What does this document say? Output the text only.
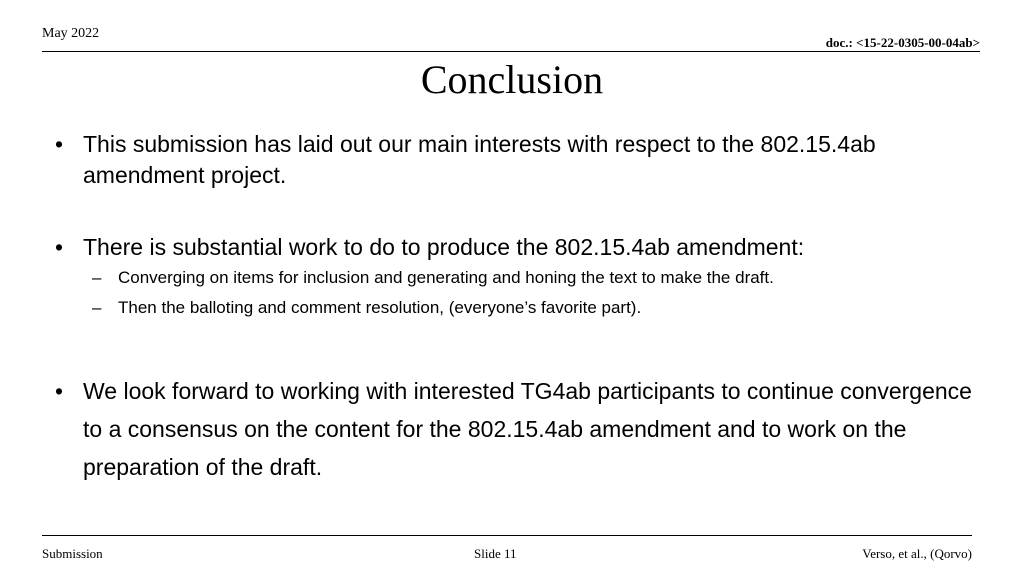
May 2022
doc.: <15-22-0305-00-04ab>
Conclusion
• This submission has laid out our main interests with respect to the 802.15.4ab amendment project.
• There is substantial work to do to produce the 802.15.4ab amendment:
– Converging on items for inclusion and generating and honing the text to make the draft.
– Then the balloting and comment resolution, (everyone’s favorite part).
• We look forward to working with interested TG4ab participants to continue convergence to a consensus on the content for the 802.15.4ab amendment and to work on the preparation of the draft.
Submission	Slide 11	Verso, et al., (Qorvo)
